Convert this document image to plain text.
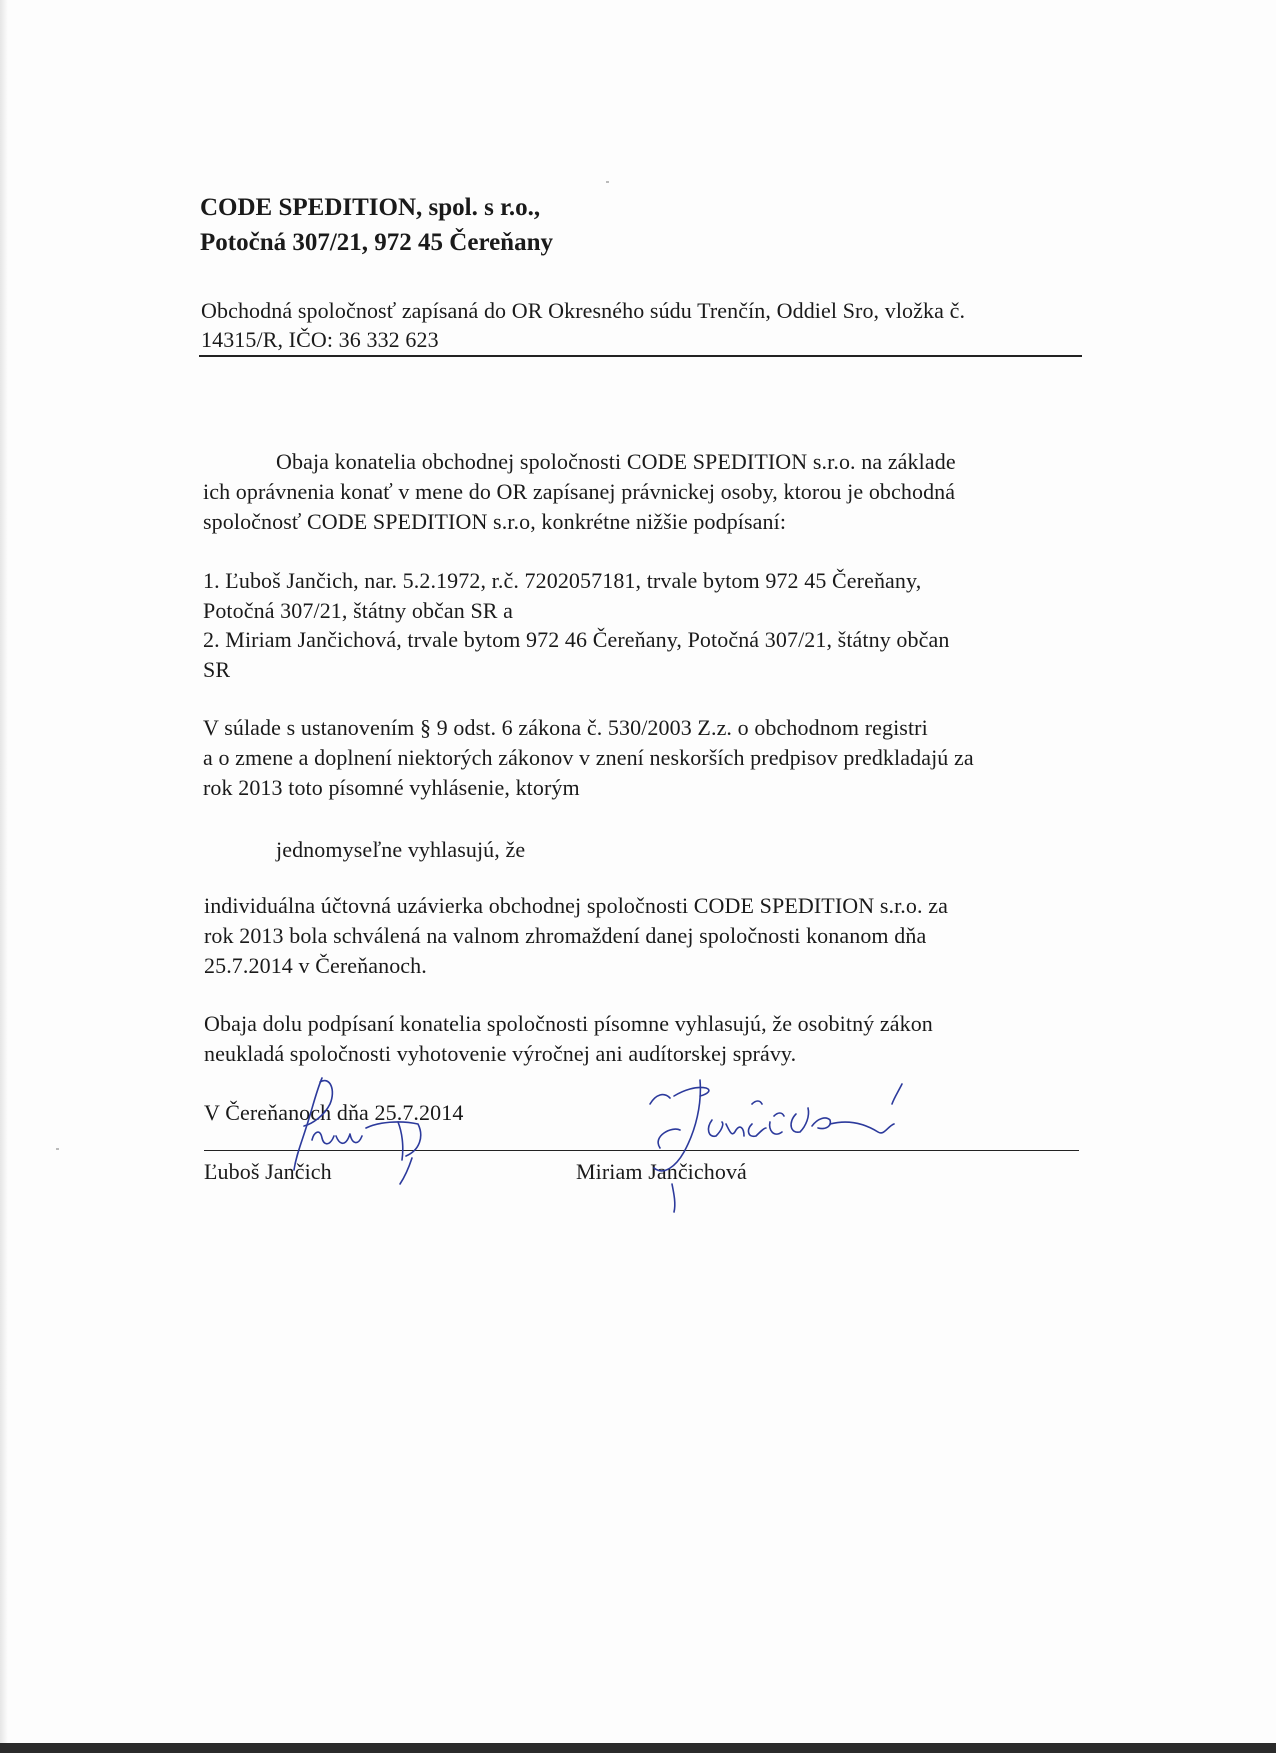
CODE SPEDITION, spol. s r.o.,
Potočná 307/21, 972 45 Čereňany
Obchodná spoločnosť zapísaná do OR Okresného súdu Trenčín, Oddiel Sro, vložka č.
14315/R, IČO: 36 332 623
Obaja konatelia obchodnej spoločnosti CODE SPEDITION s.r.o. na základe
ich oprávnenia konať v mene do OR zapísanej právnickej osoby, ktorou je obchodná
spoločnosť CODE SPEDITION s.r.o, konkrétne nižšie podpísaní:
1. Ľuboš Jančich, nar. 5.2.1972, r.č. 7202057181, trvale bytom 972 45 Čereňany,
Potočná 307/21, štátny občan SR a
2. Miriam Jančichová, trvale bytom 972 46 Čereňany, Potočná 307/21, štátny občan
SR
V súlade s ustanovením § 9 odst. 6 zákona č. 530/2003 Z.z. o obchodnom registri
a o zmene a doplnení niektorých zákonov v znení neskorších predpisov predkladajú za
rok 2013 toto písomné vyhlásenie, ktorým
jednomyseľne vyhlasujú, že
individuálna účtovná uzávierka obchodnej spoločnosti CODE SPEDITION s.r.o. za
rok 2013 bola schválená na valnom zhromaždení danej spoločnosti konanom dňa
25.7.2014 v Čereňanoch.
Obaja dolu podpísaní konatelia spoločnosti písomne vyhlasujú, že osobitný zákon
neukladá spoločnosti vyhotovenie výročnej ani audítorskej správy.
V Čereňanoch dňa 25.7.2014
Ľuboš Jančich	Miriam Jančichová
